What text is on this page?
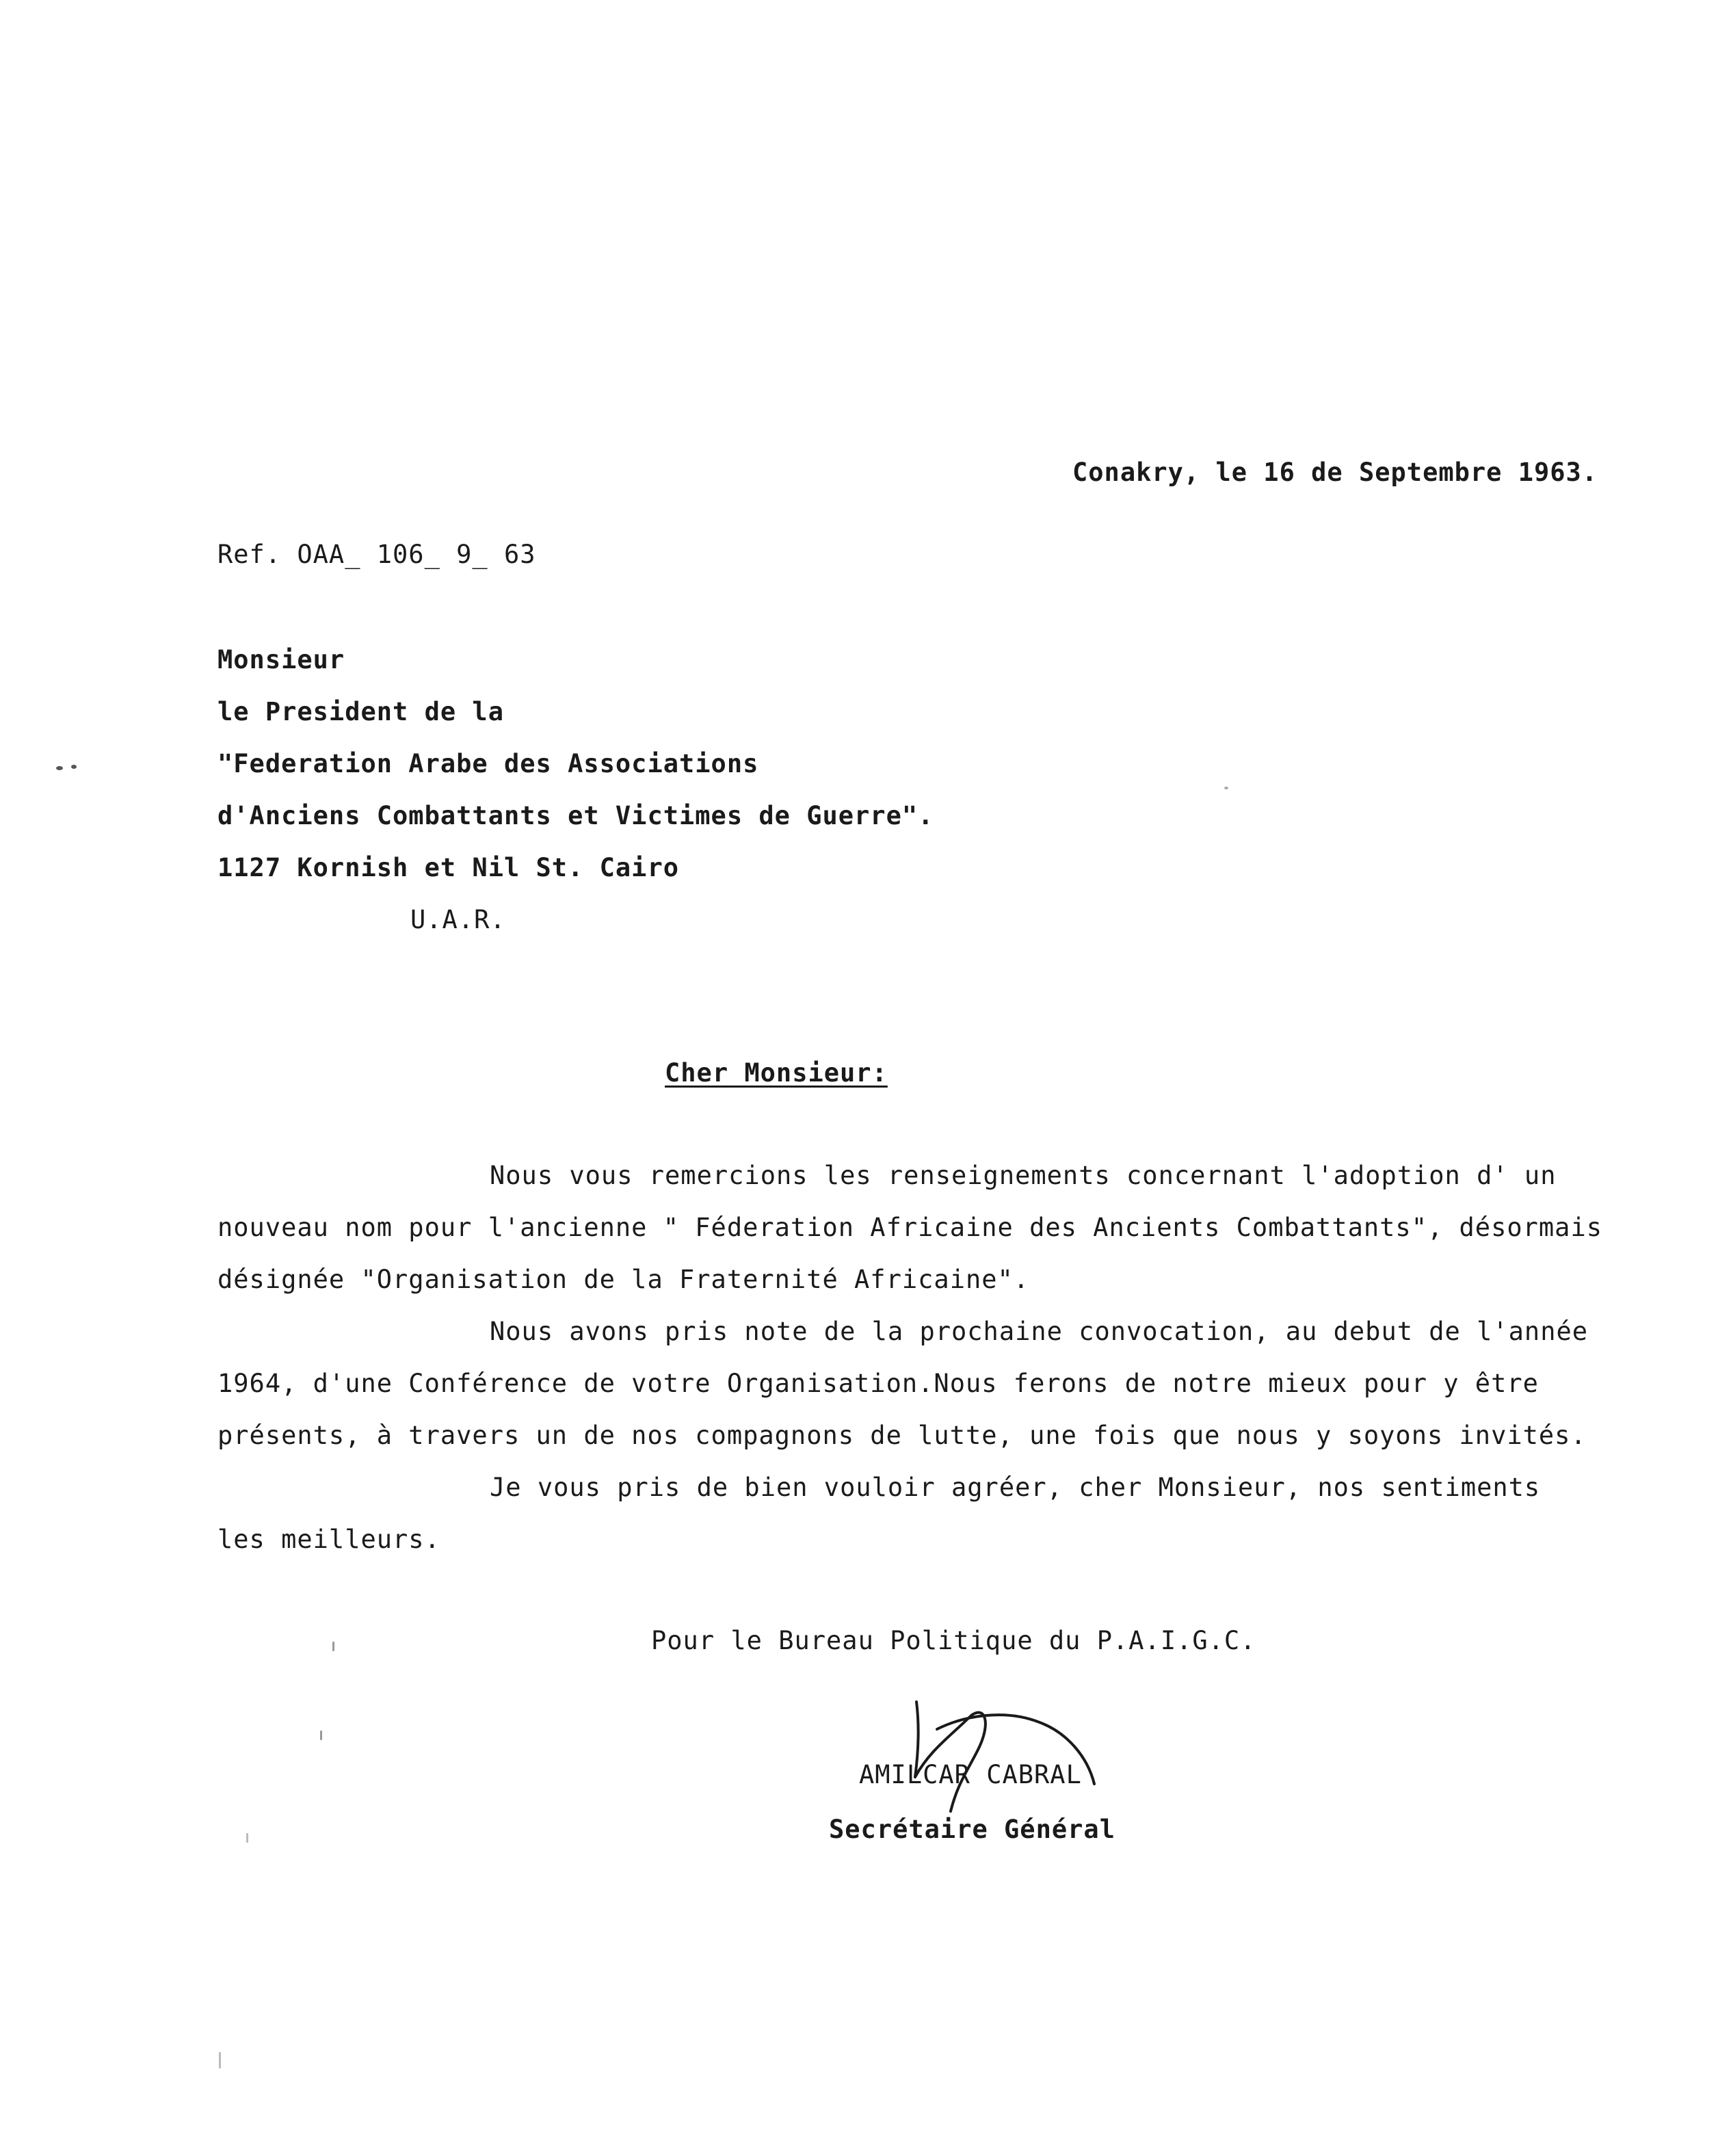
Conakry, le 16 de Septembre 1963.
Ref. OAA_ 106_ 9_ 63
Monsieur
le President de la
"Federation Arabe des Associations
d'Anciens Combattants et Victimes de Guerre".
1127 Kornish et Nil St. Cairo
U.A.R.
Cher Monsieur:
Nous vous remercions les renseignements concernant l'adoption d' un
nouveau nom pour l'ancienne " Féderation Africaine des Ancients Combattants", désormais
désignée "Organisation de la Fraternité Africaine".
Nous avons pris note de la prochaine convocation, au debut de l'année
1964, d'une Conférence de votre Organisation.Nous ferons de notre mieux pour y être
présents, à travers un de nos compagnons de lutte, une fois que nous y soyons invités.
Je vous pris de bien vouloir agréer, cher Monsieur, nos sentiments
les meilleurs.
Pour le Bureau Politique du P.A.I.G.C.
AMILCAR CABRAL
Secrétaire Général
